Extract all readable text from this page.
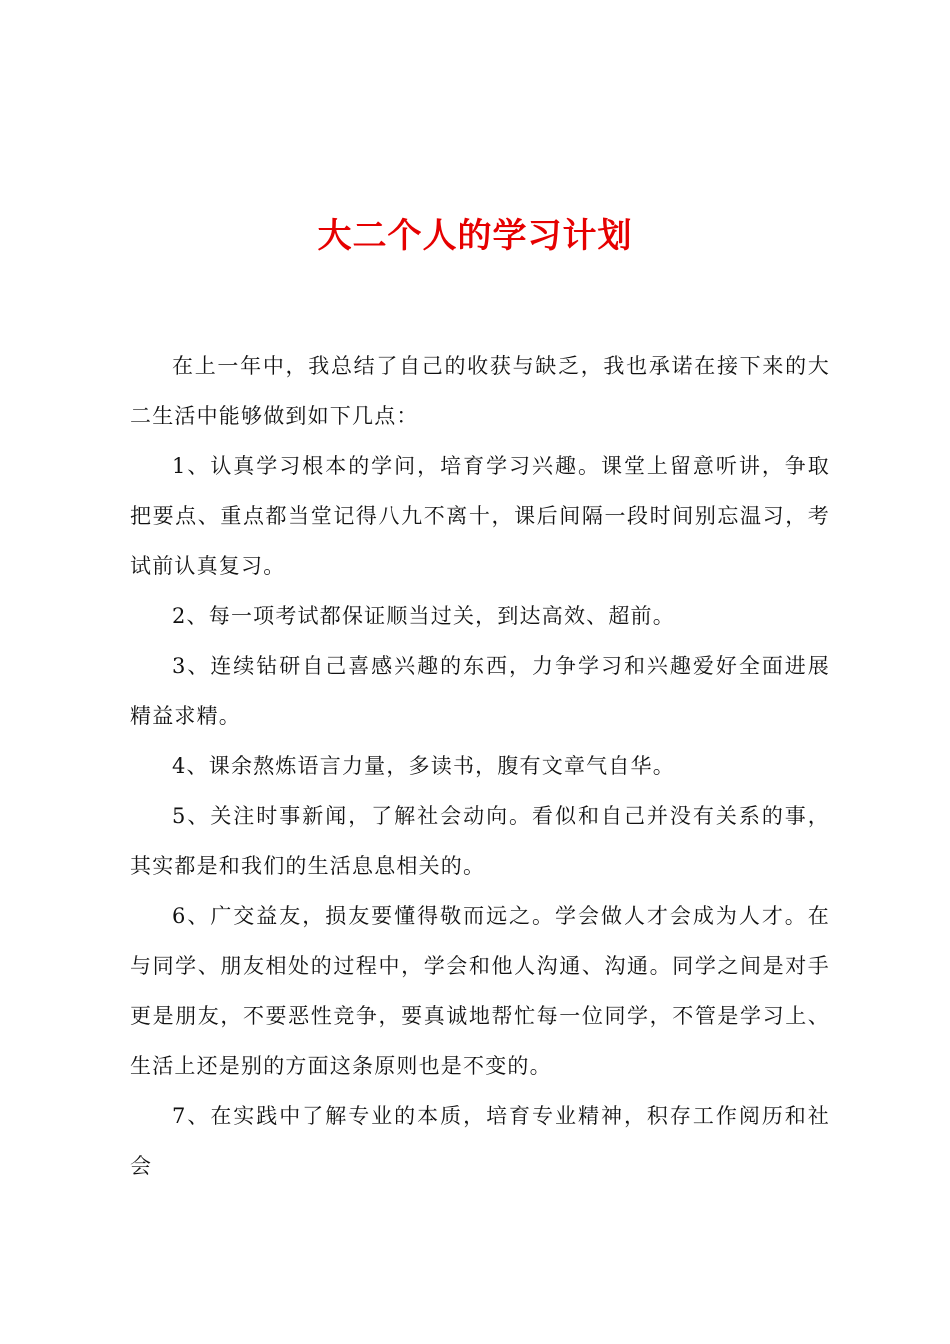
大二个人的学习计划

在上一年中，我总结了自己的收获与缺乏，我也承诺在接下来的大二生活中能够做到如下几点：

1、认真学习根本的学问，培育学习兴趣。课堂上留意听讲，争取把要点、重点都当堂记得八九不离十，课后间隔一段时间别忘温习，考试前认真复习。

2、每一项考试都保证顺当过关，到达高效、超前。

3、连续钻研自己喜感兴趣的东西，力争学习和兴趣爱好全面进展精益求精。

4、课余熬炼语言力量，多读书，腹有文章气自华。

5、关注时事新闻，了解社会动向。看似和自己并没有关系的事，其实都是和我们的生活息息相关的。

6、广交益友，损友要懂得敬而远之。学会做人才会成为人才。在与同学、朋友相处的过程中，学会和他人沟通、沟通。同学之间是对手更是朋友，不要恶性竞争，要真诚地帮忙每一位同学，不管是学习上、生活上还是别的方面这条原则也是不变的。

7、在实践中了解专业的本质，培育专业精神，积存工作阅历和社会
